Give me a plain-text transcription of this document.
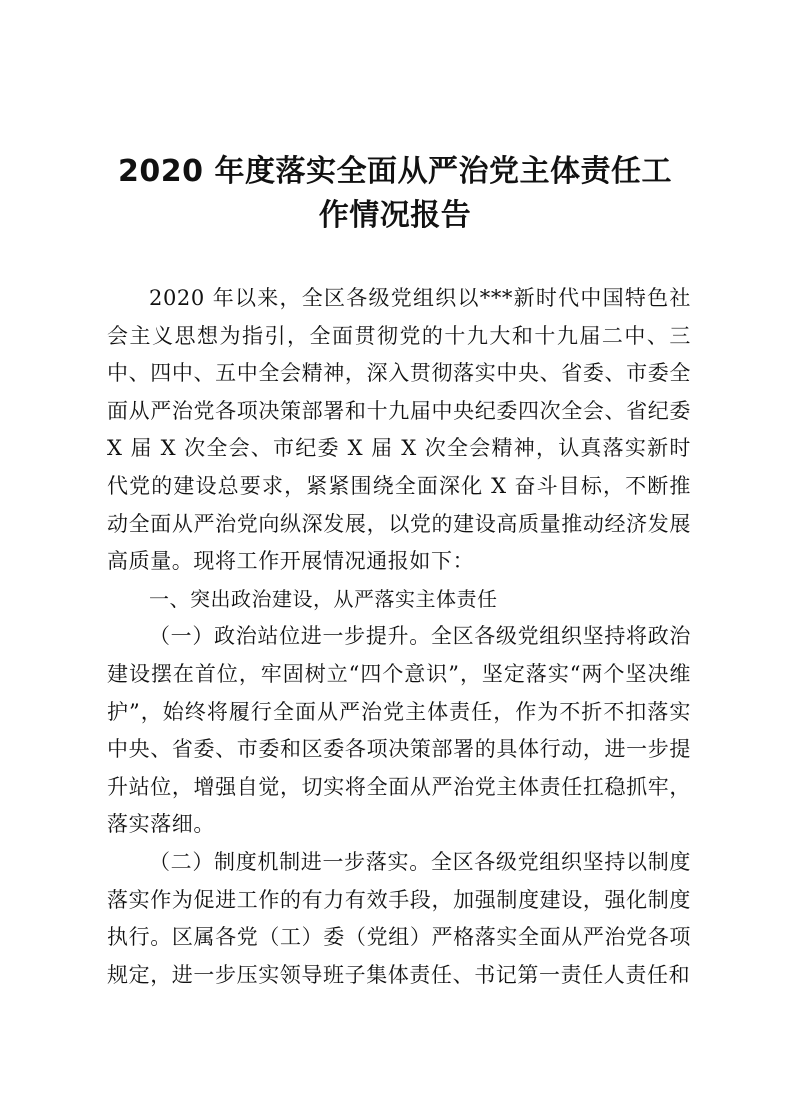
2020 年度落实全面从严治党主体责任工作情况报告

2020 年以来，全区各级党组织以***新时代中国特色社会主义思想为指引，全面贯彻党的十九大和十九届二中、三中、四中、五中全会精神，深入贯彻落实中央、省委、市委全面从严治党各项决策部署和十九届中央纪委四次全会、省纪委 X 届 X 次全会、市纪委 X 届 X 次全会精神，认真落实新时代党的建设总要求，紧紧围绕全面深化 X 奋斗目标，不断推动全面从严治党向纵深发展，以党的建设高质量推动经济发展高质量。现将工作开展情况通报如下：

一、突出政治建设，从严落实主体责任

（一）政治站位进一步提升。全区各级党组织坚持将政治建设摆在首位，牢固树立“四个意识”，坚定落实“两个坚决维护”，始终将履行全面从严治党主体责任，作为不折不扣落实中央、省委、市委和区委各项决策部署的具体行动，进一步提升站位，增强自觉，切实将全面从严治党主体责任扛稳抓牢，落实落细。

（二）制度机制进一步落实。全区各级党组织坚持以制度落实作为促进工作的有力有效手段，加强制度建设，强化制度执行。区属各党（工）委（党组）严格落实全面从严治党各项规定，进一步压实领导班子集体责任、书记第一责任人责任和
